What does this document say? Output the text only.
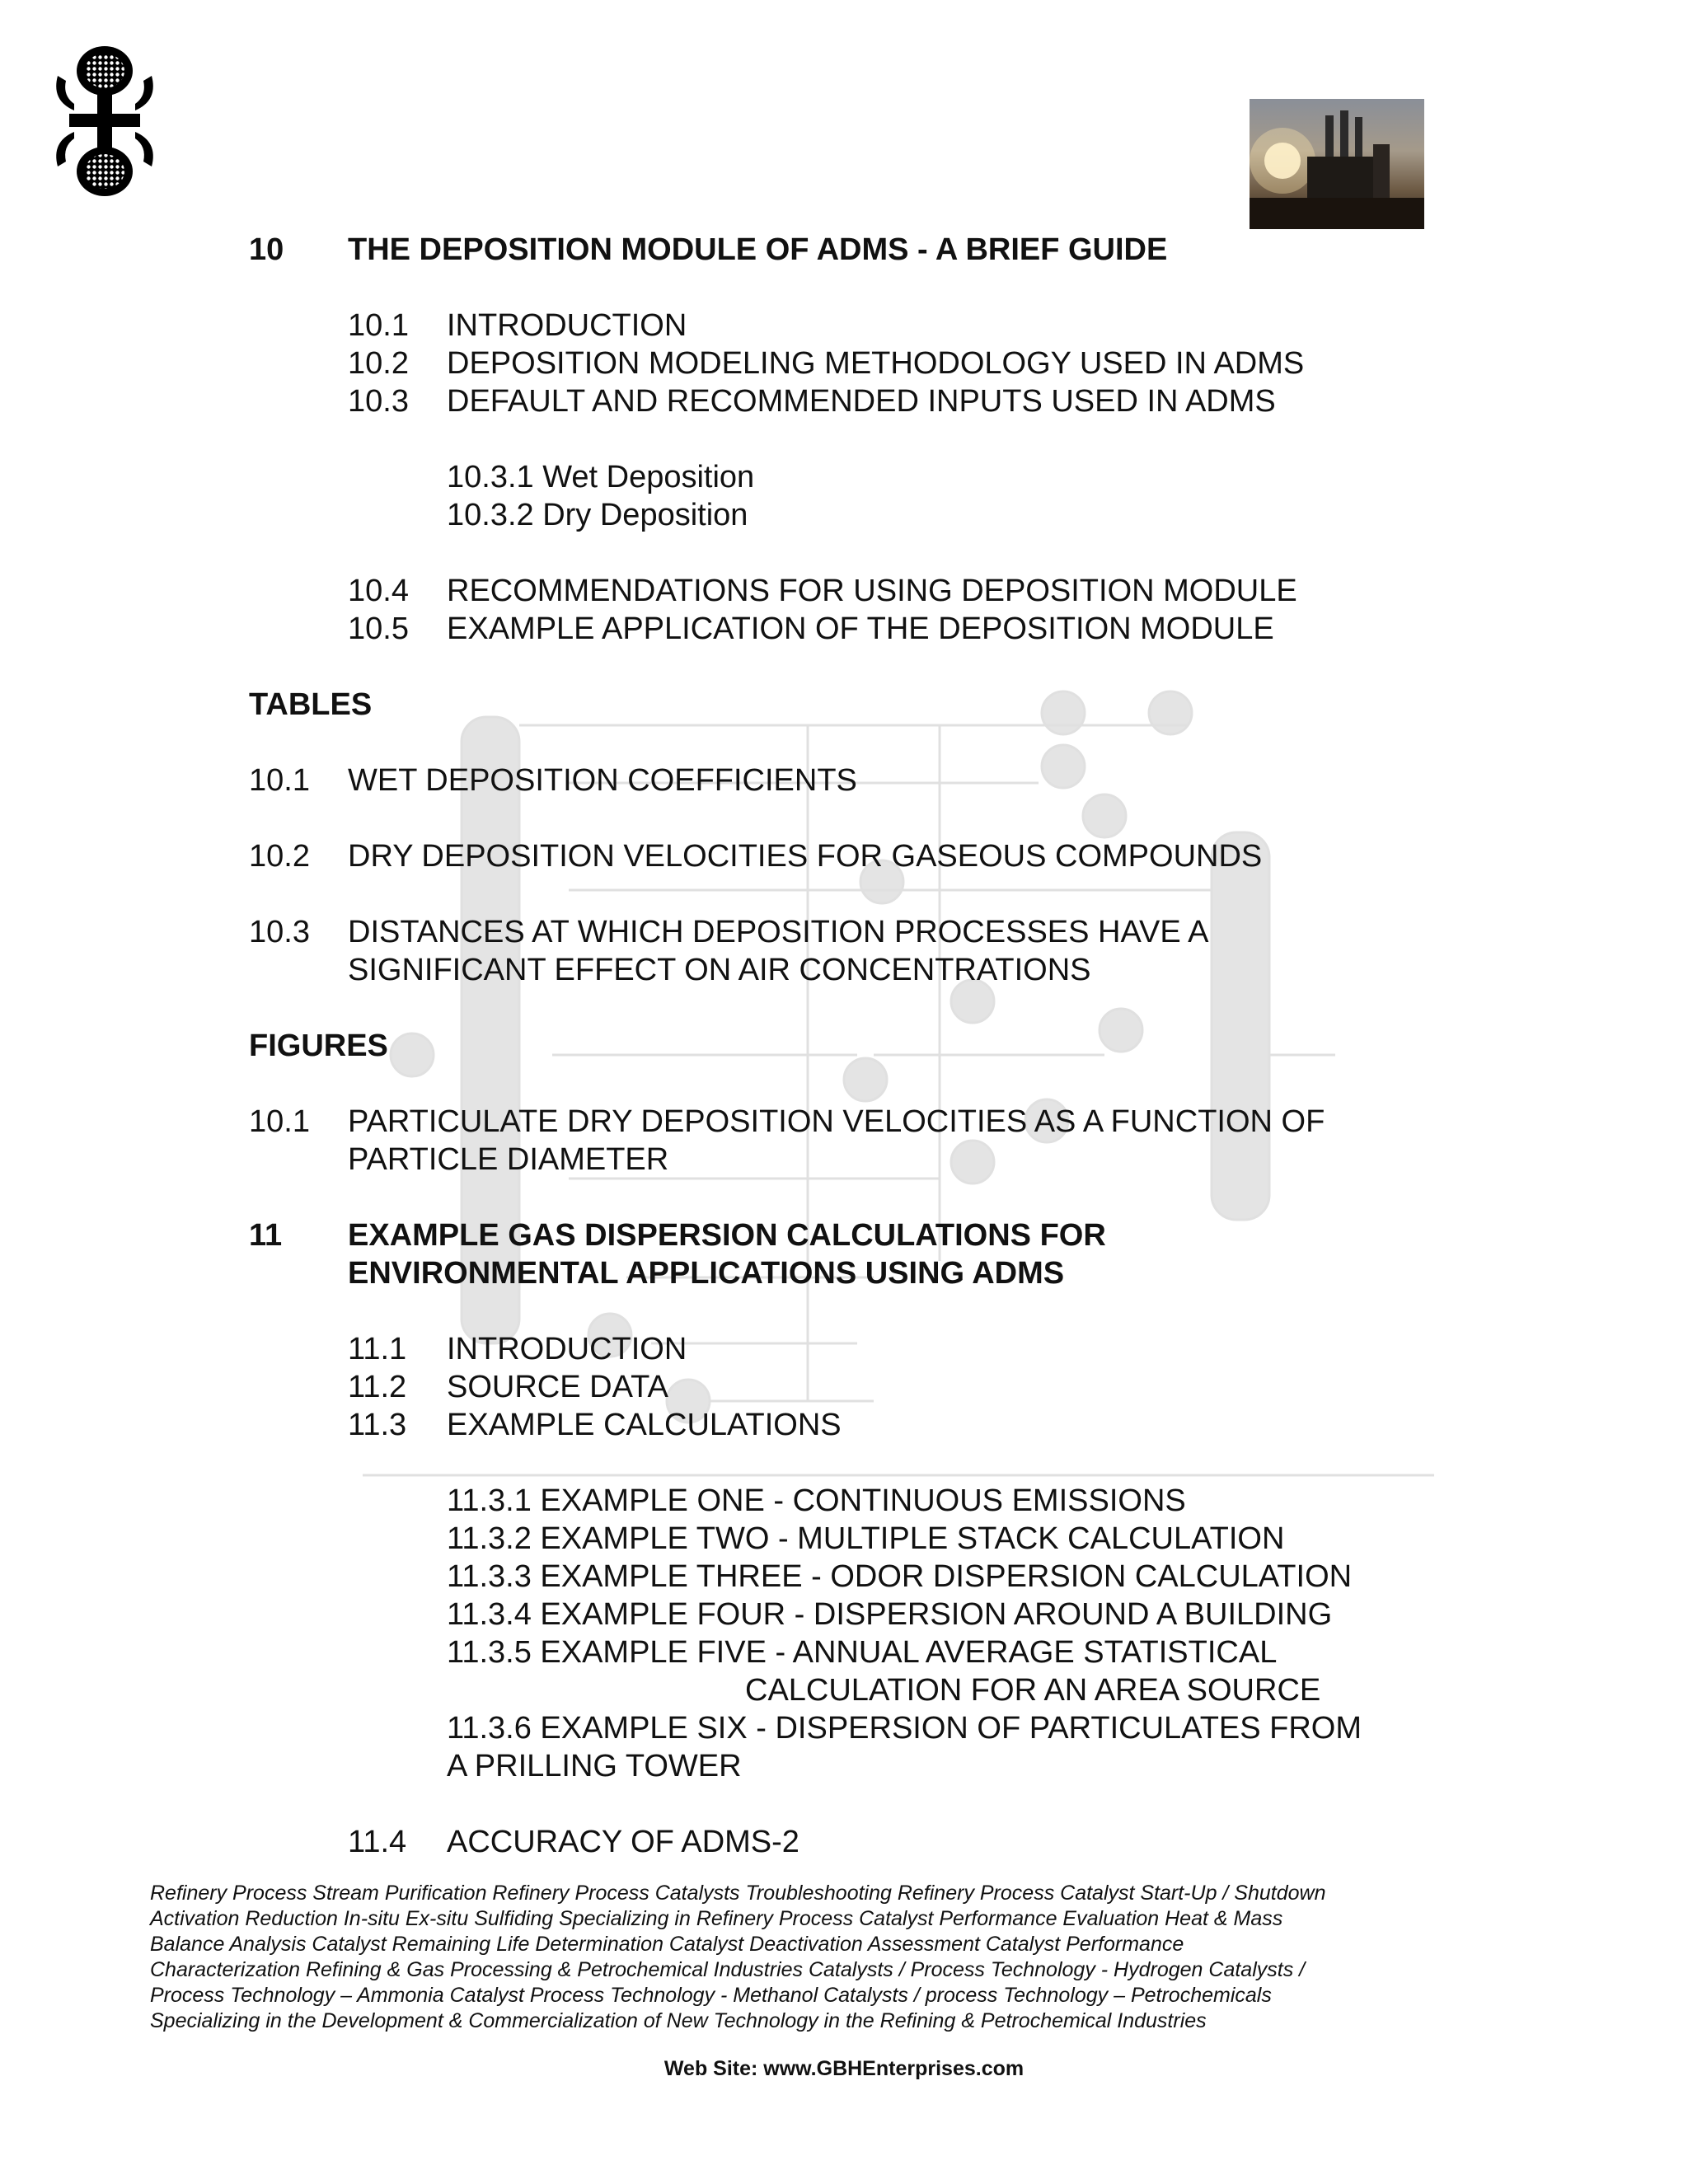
10 THE DEPOSITION MODULE OF ADMS - A BRIEF GUIDE
10.1 INTRODUCTION
10.2 DEPOSITION MODELING METHODOLOGY USED IN ADMS
10.3 DEFAULT AND RECOMMENDED INPUTS USED IN ADMS
10.3.1 Wet Deposition
10.3.2 Dry Deposition
10.4 RECOMMENDATIONS FOR USING DEPOSITION MODULE
10.5 EXAMPLE APPLICATION OF THE DEPOSITION MODULE
TABLES
10.1 WET DEPOSITION COEFFICIENTS
10.2 DRY DEPOSITION VELOCITIES FOR GASEOUS COMPOUNDS
10.3 DISTANCES AT WHICH DEPOSITION PROCESSES HAVE A
SIGNIFICANT EFFECT ON AIR CONCENTRATIONS
FIGURES
10.1 PARTICULATE DRY DEPOSITION VELOCITIES AS A FUNCTION OF
PARTICLE DIAMETER
11 EXAMPLE GAS DISPERSION CALCULATIONS FOR
ENVIRONMENTAL APPLICATIONS USING ADMS
11.1 INTRODUCTION
11.2 SOURCE DATA
11.3 EXAMPLE CALCULATIONS
11.3.1 EXAMPLE ONE - CONTINUOUS EMISSIONS
11.3.2 EXAMPLE TWO - MULTIPLE STACK CALCULATION
11.3.3 EXAMPLE THREE - ODOR DISPERSION CALCULATION
11.3.4 EXAMPLE FOUR - DISPERSION AROUND A BUILDING
11.3.5 EXAMPLE FIVE - ANNUAL AVERAGE STATISTICAL
CALCULATION FOR AN AREA SOURCE
11.3.6 EXAMPLE SIX - DISPERSION OF PARTICULATES FROM
A PRILLING TOWER
11.4 ACCURACY OF ADMS-2

Refinery Process Stream Purification Refinery Process Catalysts Troubleshooting Refinery Process Catalyst Start-Up / Shutdown

Activation Reduction In-situ Ex-situ Sulfiding Specializing in Refinery Process Catalyst Performance Evaluation Heat & Mass

Balance Analysis Catalyst Remaining Life Determination Catalyst Deactivation Assessment Catalyst Performance

Characterization Refining & Gas Processing & Petrochemical Industries Catalysts / Process Technology - Hydrogen Catalysts /

Process Technology – Ammonia Catalyst Process Technology - Methanol Catalysts / process Technology – Petrochemicals

Specializing in the Development & Commercialization of New Technology in the Refining & Petrochemical Industries

Web Site: www.GBHEnterprises.com
